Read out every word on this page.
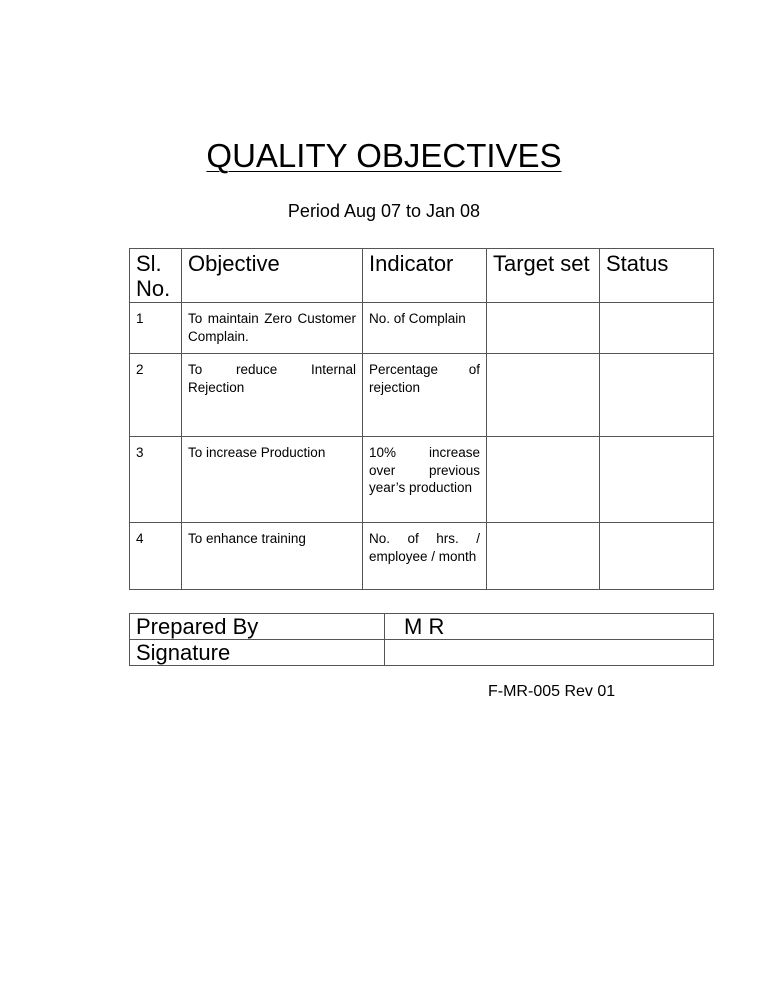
QUALITY OBJECTIVES
Period Aug 07 to Jan 08
Sl. No.	Objective	Indicator	Target set	Status
1	To maintain Zero Customer Complain.	No. of Complain		
2	To reduce Internal Rejection	Percentage of rejection		
3	To increase Production	10% increase over previous year’s production		
4	To enhance training	No. of hrs. / employee / month		
Prepared By	M R
Signature	
F-MR-005 Rev 01
